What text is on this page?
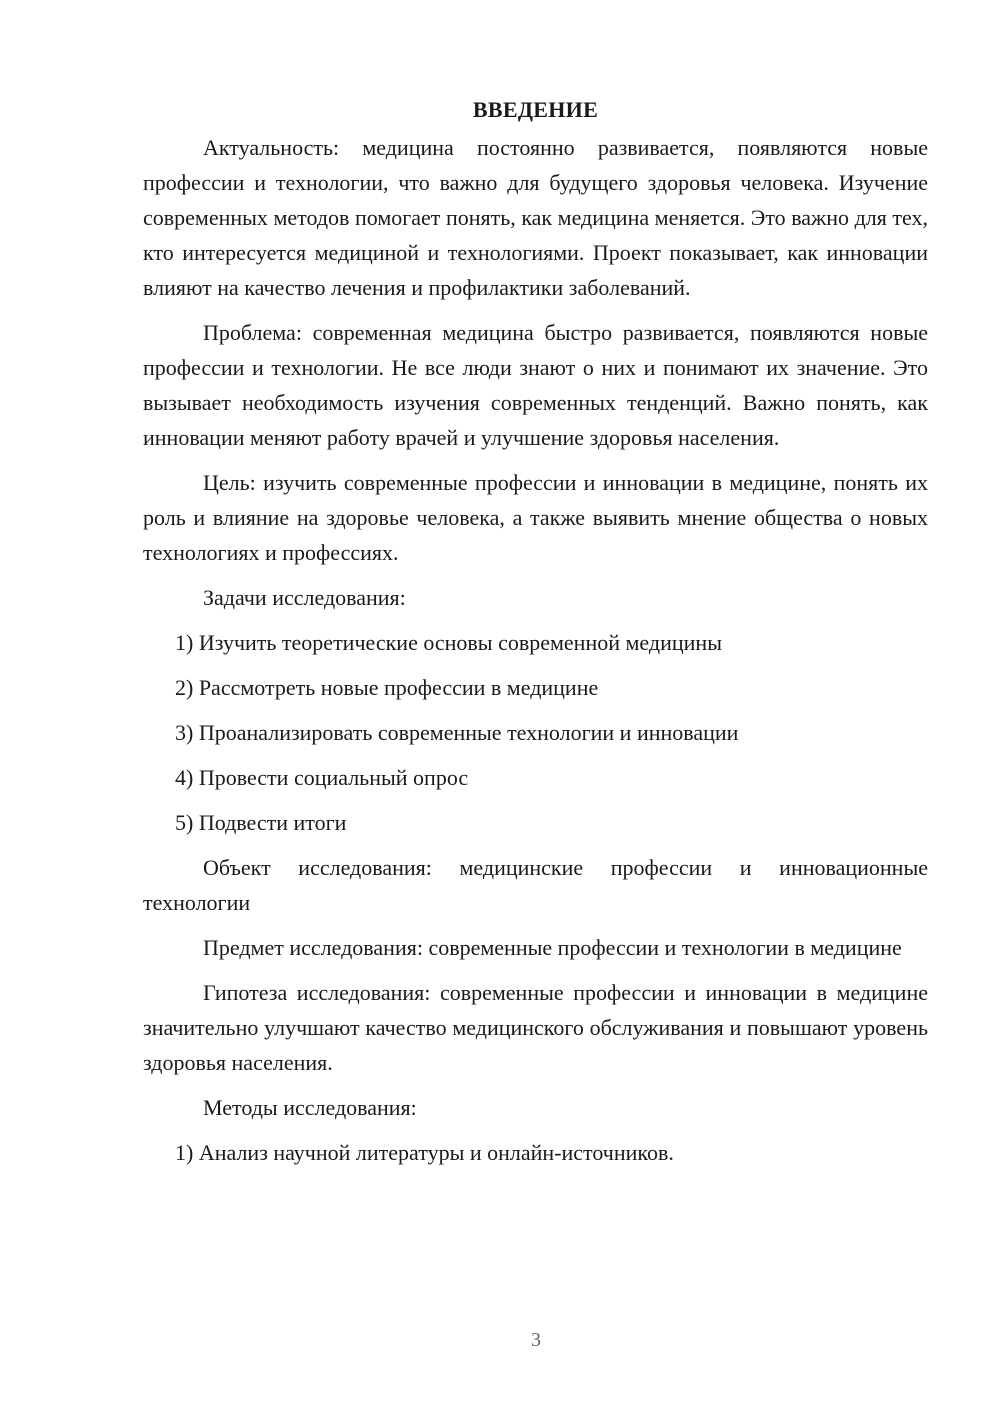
ВВЕДЕНИЕ

Актуальность: медицина постоянно развивается, появляются новые профессии и технологии, что важно для будущего здоровья человека. Изучение современных методов помогает понять, как медицина меняется. Это важно для тех, кто интересуется медициной и технологиями. Проект показывает, как инновации влияют на качество лечения и профилактики заболеваний.

Проблема: современная медицина быстро развивается, появляются новые профессии и технологии. Не все люди знают о них и понимают их значение. Это вызывает необходимость изучения современных тенденций. Важно понять, как инновации меняют работу врачей и улучшение здоровья населения.

Цель: изучить современные профессии и инновации в медицине, понять их роль и влияние на здоровье человека, а также выявить мнение общества о новых технологиях и профессиях.

Задачи исследования:

1) Изучить теоретические основы современной медицины
2) Рассмотреть новые профессии в медицине
3) Проанализировать современные технологии и инновации
4) Провести социальный опрос
5) Подвести итоги

Объект исследования: медицинские профессии и инновационные технологии

Предмет исследования: современные профессии и технологии в медицине

Гипотеза исследования: современные профессии и инновации в медицине значительно улучшают качество медицинского обслуживания и повышают уровень здоровья населения.

Методы исследования:

1) Анализ научной литературы и онлайн-источников.
3
